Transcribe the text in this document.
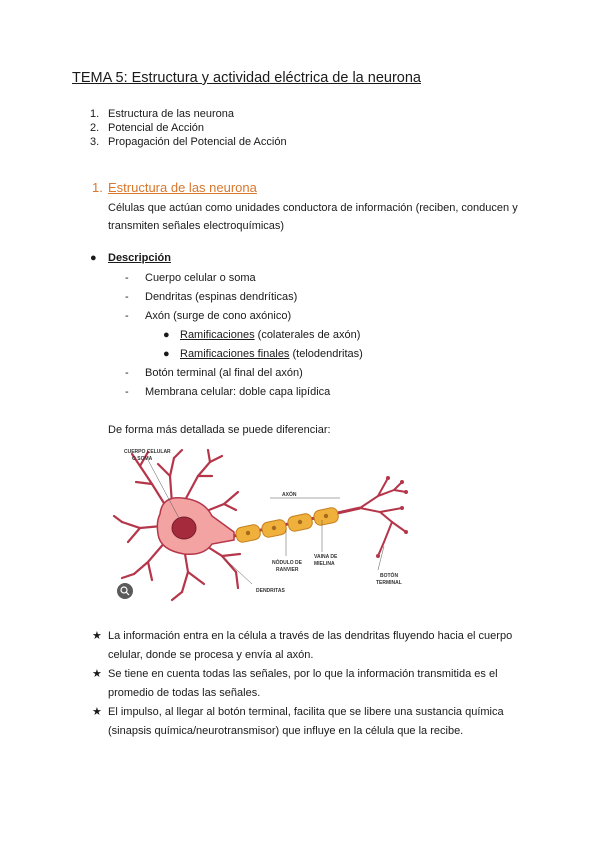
TEMA 5: Estructura y actividad eléctrica de la neurona
1. Estructura de las neurona
2. Potencial de Acción
3. Propagación del Potencial de Acción
1. Estructura de las neurona
Células que actúan como unidades conductora de información (reciben, conducen y
transmiten señales electroquímicas)
● Descripción
- Cuerpo celular o soma
- Dendritas (espinas dendríticas)
- Axón (surge de cono axónico)
● Ramificaciones (colaterales de axón)
● Ramificaciones finales (telodendritas)
- Botón terminal (al final del axón)
- Membrana celular: doble capa lipídica
De forma más detallada se puede diferenciar:
CUERPO CELULAR
O SOMA
AXÓN
NÓDULO DE
RANVIER
VAINA DE
MIELINA
BOTÓN
TERMINAL
DENDRITAS
★ La información entra en la célula a través de las dendritas fluyendo hacia el cuerpo
celular, donde se procesa y envía al axón.
★ Se tiene en cuenta todas las señales, por lo que la información transmitida es el
promedio de todas las señales.
★ El impulso, al llegar al botón terminal, facilita que se libere una sustancia química
(sinapsis química/neurotransmisor) que influye en la célula que la recibe.
